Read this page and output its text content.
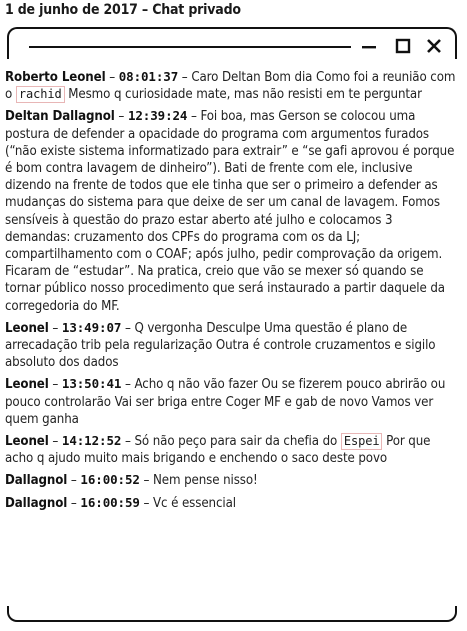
1 de junho de 2017 – Chat privado
Roberto Leonel – 08:01:37 – Caro Deltan Bom dia Como foi a reunião com o rachid Mesmo q curiosidade mate, mas não resisti em te perguntar
Deltan Dallagnol – 12:39:24 – Foi boa, mas Gerson se colocou uma postura de defender a opacidade do programa com argumentos furados (“não existe sistema informatizado para extrair” e “se gafi aprovou é porque é bom contra lavagem de dinheiro”). Bati de frente com ele, inclusive dizendo na frente de todos que ele tinha que ser o primeiro a defender as mudanças do sistema para que deixe de ser um canal de lavagem. Fomos sensíveis à questão do prazo estar aberto até julho e colocamos 3 demandas: cruzamento dos CPFs do programa com os da LJ; compartilhamento com o COAF; após julho, pedir comprovação da origem. Ficaram de “estudar”. Na pratica, creio que vão se mexer só quando se tornar público nosso procedimento que será instaurado a partir daquele da corregedoria do MF.
Leonel – 13:49:07 – Q vergonha Desculpe Uma questão é plano de arrecadação trib pela regularização Outra é controle cruzamentos e sigilo absoluto dos dados
Leonel – 13:50:41 – Acho q não vão fazer Ou se fizerem pouco abrirão ou pouco controlarão Vai ser briga entre Coger MF e gab de novo Vamos ver quem ganha
Leonel – 14:12:52 – Só não peço para sair da chefia do Espei Por que acho q ajudo muito mais brigando e enchendo o saco deste povo
Dallagnol – 16:00:52 – Nem pense nisso!
Dallagnol – 16:00:59 – Vc é essencial
